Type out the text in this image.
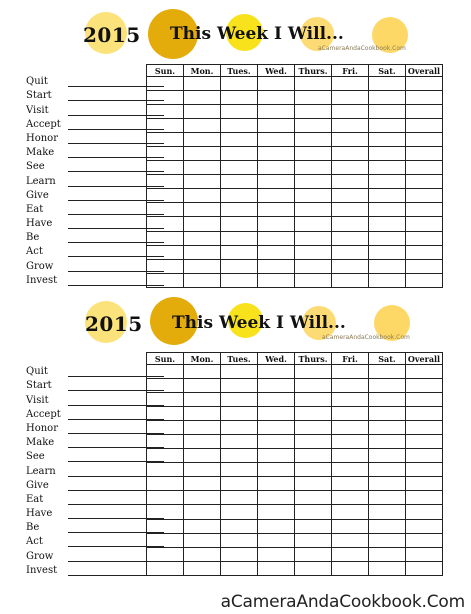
2015 This Week I Will...
aCameraAndaCookbook.Com
Quit
Start
Visit
Accept
Honor
Make
See
Learn
Give
Eat
Have
Be
Act
Grow
Invest
Sun.	Mon.	Tues.	Wed.	Thurs.	Fri.	Sat.	Overall

2015 This Week I Will...
aCameraAndaCookbook.Com
Quit
Start
Visit
Accept
Honor
Make
See
Learn
Give
Eat
Have
Be
Act
Grow
Invest
Sun.	Mon.	Tues.	Wed.	Thurs.	Fri.	Sat.	Overall

aCameraAndaCookbook.Com
